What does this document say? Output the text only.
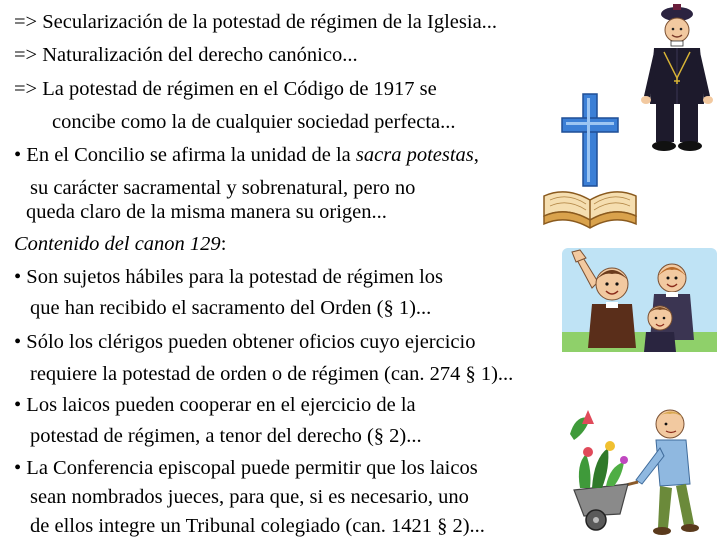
=> Secularización de la potestad de régimen de la Iglesia...
=> Naturalización del derecho canónico...
=> La potestad de régimen en el Código de 1917 se
concibe como la de cualquier sociedad perfecta...
• En el Concilio se afirma la unidad de la sacra potestas,
su carácter sacramental y sobrenatural, pero no
queda claro de la misma manera su origen...
Contenido del canon 129:
• Son sujetos hábiles para la potestad de régimen los
que han recibido el sacramento del Orden (§ 1)...
• Sólo los clérigos pueden obtener oficios cuyo ejercicio
requiere la potestad de orden o de régimen (can. 274 § 1)...
• Los laicos pueden cooperar en el ejercicio de la
potestad de régimen, a tenor del derecho (§ 2)...
• La Conferencia episcopal puede permitir que los laicos
sean nombrados jueces, para que, si es necesario, uno
de ellos integre un Tribunal colegiado (can. 1421 § 2)...
